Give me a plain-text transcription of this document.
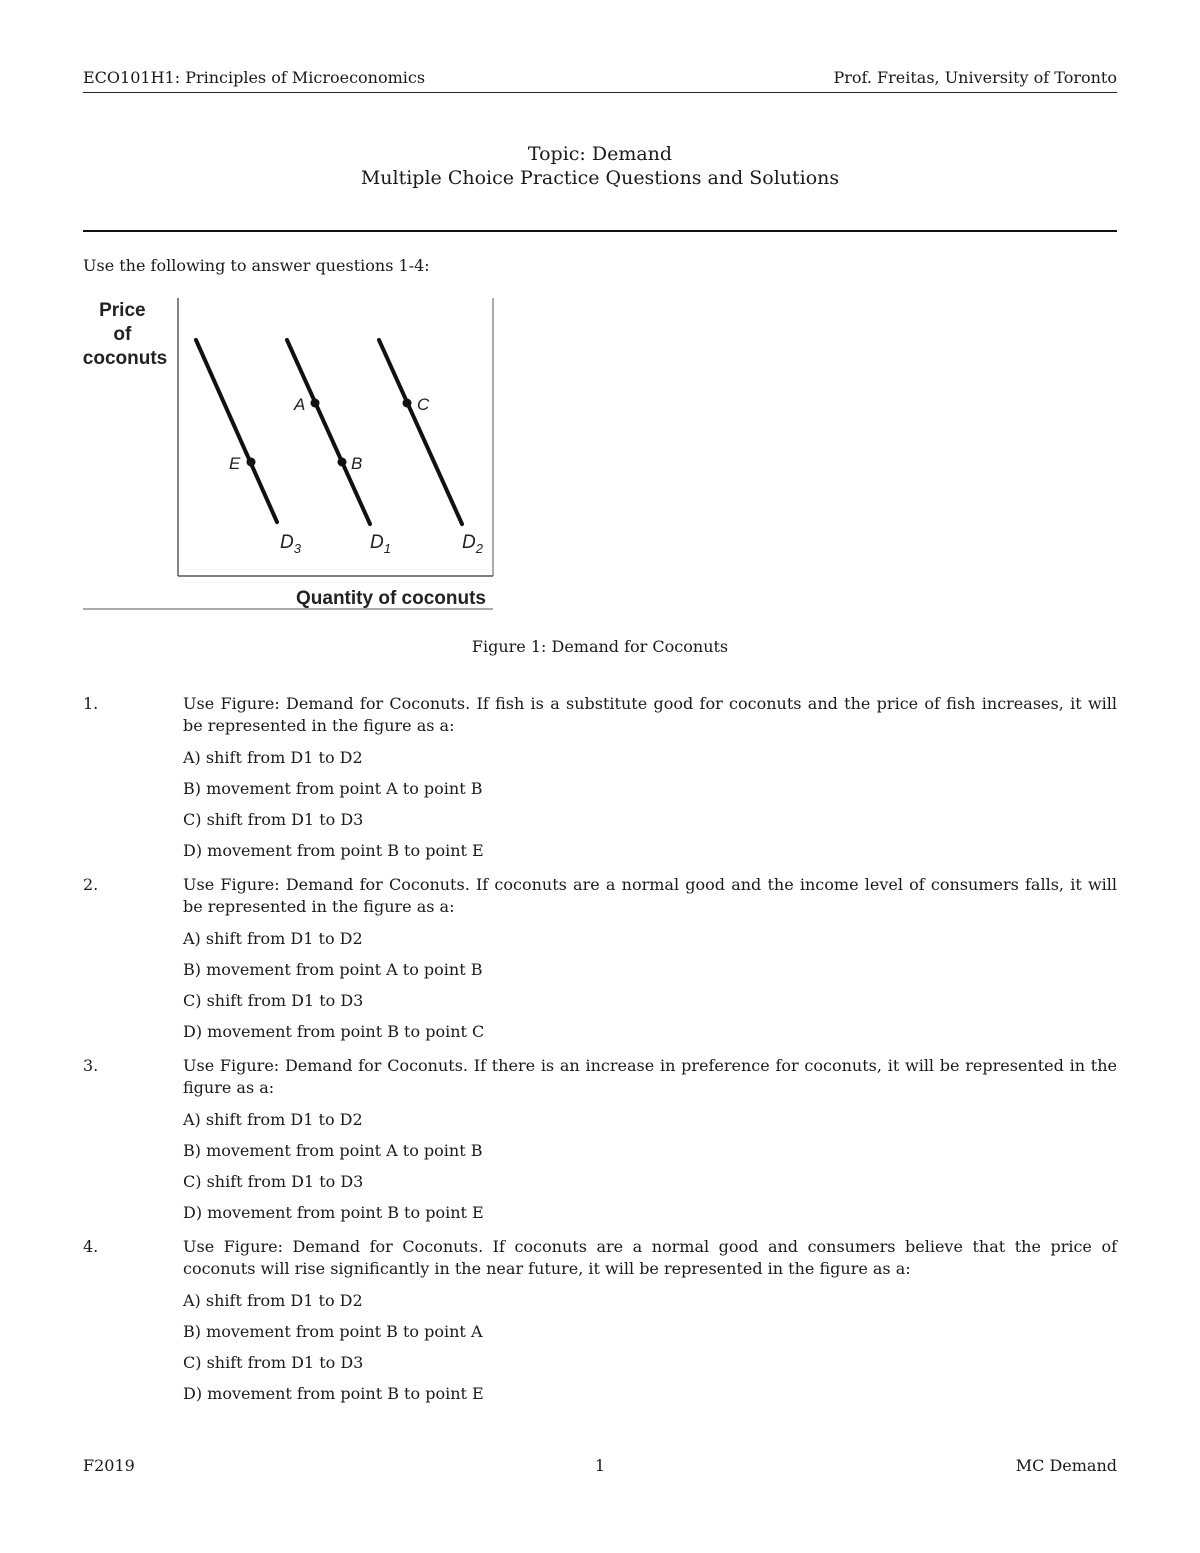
ECO101H1: Principles of Microeconomics	Prof. Freitas, University of Toronto
Topic: Demand
Multiple Choice Practice Questions and Solutions
Use the following to answer questions 1-4:
Price of coconuts
Quantity of coconuts
E
A
B
C
$D_3$	$D_1$	$D_2$
Figure 1: Demand for Coconuts
1.	Use Figure: Demand for Coconuts. If fish is a substitute good for coconuts and the price of fish increases, it will be represented in the figure as a:
A) shift from D1 to D2
B) movement from point A to point B
C) shift from D1 to D3
D) movement from point B to point E
2.	Use Figure: Demand for Coconuts. If coconuts are a normal good and the income level of consumers falls, it will be represented in the figure as a:
A) shift from D1 to D2
B) movement from point A to point B
C) shift from D1 to D3
D) movement from point B to point C
3.	Use Figure: Demand for Coconuts. If there is an increase in preference for coconuts, it will be represented in the figure as a:
A) shift from D1 to D2
B) movement from point A to point B
C) shift from D1 to D3
D) movement from point B to point E
4.	Use Figure: Demand for Coconuts. If coconuts are a normal good and consumers believe that the price of coconuts will rise significantly in the near future, it will be represented in the figure as a:
A) shift from D1 to D2
B) movement from point B to point A
C) shift from D1 to D3
D) movement from point B to point E
F2019	1	MC Demand
